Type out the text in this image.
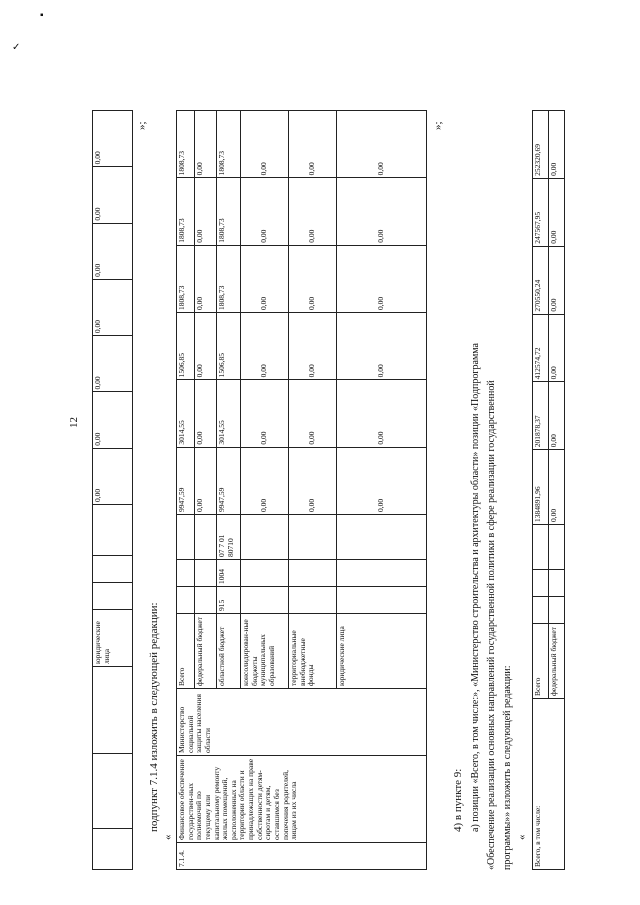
▪
✓
12
			юридические лица				0,00	0,00	0,00	0,00	0,00	0,00	0,00
»;
подпункт 7.1.4 изложить в следующей редакции:
«
7.1.4.	Финансовое обеспечение государствен-ных полномочий по текущему или капитальному ремонту жилых помещений, расположенных на территории области и принадлежащих на праве собственности детям-сиротам и детям, оставшимся без попечения родителей, лицам из их числа	Министерство социальной защиты населения области	Всего				9947,59	3014,55	1506,85	1808,73	1808,73	1808,73
			федеральный бюджет				0,00	0,00	0,00	0,00	0,00	0,00
			областной бюджет	915	1004	07 7 01 80710	9947,59	3014,55	1506,85	1808,73	1808,73	1808,73
			консолидирован-ные бюджеты муниципальных образований				0,00	0,00	0,00	0,00	0,00	0,00
			территориальные внебюджетные фонды				0,00	0,00	0,00	0,00	0,00	0,00
			юридические лица				0,00	0,00	0,00	0,00	0,00	0,00
»;
4) в пункте 9: а) позиции «Всего, в том числе:», «Министерство строительства и архитектуры области» позиции «Подпрограмма «Обеспечение реализации основных направлений государственной политики в сфере реализации государственной программы»» изложить в следующей редакции: « Всего, в том числе:	Всего				1384891,96	201878,37	412574,72	270550,24	247567,95	252320,69
	федеральный бюджет				0,00	0,00	0,00	0,00	0,00	0,00
